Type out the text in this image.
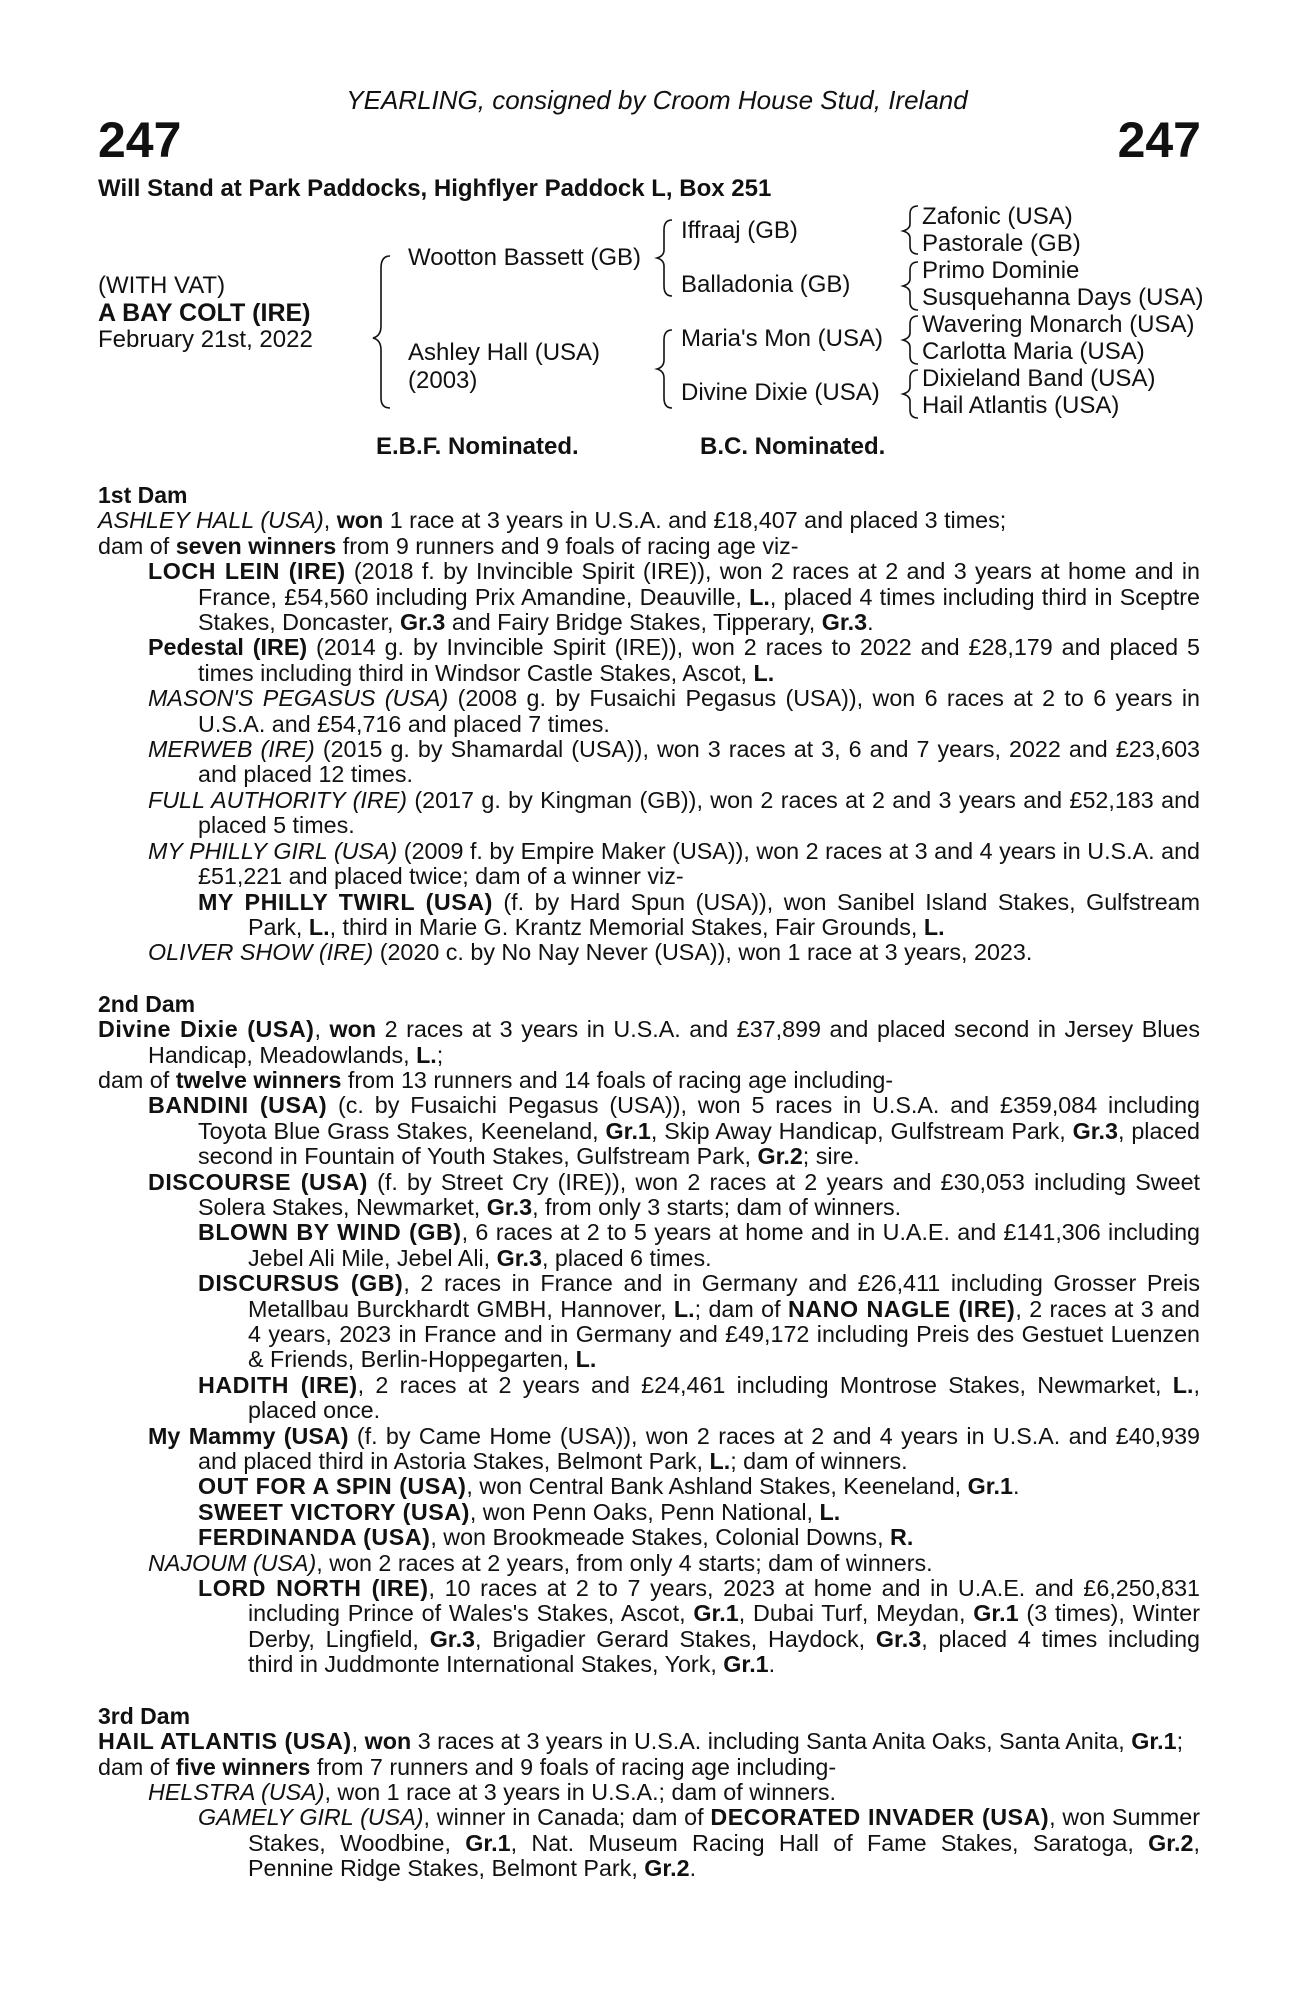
247	247
YEARLING, consigned by Croom House Stud, Ireland
Will Stand at Park Paddocks, Highflyer Paddock L, Box 251
(WITH VAT)
A BAY COLT (IRE)
February 21st, 2022
Wootton Bassett (GB)
Ashley Hall (USA)
(2003)
Iffraaj (GB)
Balladonia (GB)
Maria's Mon (USA)
Divine Dixie (USA)
Zafonic (USA)
Pastorale (GB)
Primo Dominie
Susquehanna Days (USA)
Wavering Monarch (USA)
Carlotta Maria (USA)
Dixieland Band (USA)
Hail Atlantis (USA)
E.B.F. Nominated.	B.C. Nominated.
1st Dam
ASHLEY HALL (USA), won 1 race at 3 years in U.S.A. and £18,407 and placed 3 times;
dam of seven winners from 9 runners and 9 foals of racing age viz-
LOCH LEIN (IRE) (2018 f. by Invincible Spirit (IRE)), won 2 races at 2 and 3 years at home and in France, £54,560 including Prix Amandine, Deauville, L., placed 4 times including third in Sceptre Stakes, Doncaster, Gr.3 and Fairy Bridge Stakes, Tipperary, Gr.3.
Pedestal (IRE) (2014 g. by Invincible Spirit (IRE)), won 2 races to 2022 and £28,179 and placed 5 times including third in Windsor Castle Stakes, Ascot, L.
MASON'S PEGASUS (USA) (2008 g. by Fusaichi Pegasus (USA)), won 6 races at 2 to 6 years in U.S.A. and £54,716 and placed 7 times.
MERWEB (IRE) (2015 g. by Shamardal (USA)), won 3 races at 3, 6 and 7 years, 2022 and £23,603 and placed 12 times.
FULL AUTHORITY (IRE) (2017 g. by Kingman (GB)), won 2 races at 2 and 3 years and £52,183 and placed 5 times.
MY PHILLY GIRL (USA) (2009 f. by Empire Maker (USA)), won 2 races at 3 and 4 years in U.S.A. and £51,221 and placed twice; dam of a winner viz-
MY PHILLY TWIRL (USA) (f. by Hard Spun (USA)), won Sanibel Island Stakes, Gulfstream Park, L., third in Marie G. Krantz Memorial Stakes, Fair Grounds, L.
OLIVER SHOW (IRE) (2020 c. by No Nay Never (USA)), won 1 race at 3 years, 2023.
2nd Dam
Divine Dixie (USA), won 2 races at 3 years in U.S.A. and £37,899 and placed second in Jersey Blues Handicap, Meadowlands, L.;
dam of twelve winners from 13 runners and 14 foals of racing age including-
BANDINI (USA) (c. by Fusaichi Pegasus (USA)), won 5 races in U.S.A. and £359,084 including Toyota Blue Grass Stakes, Keeneland, Gr.1, Skip Away Handicap, Gulfstream Park, Gr.3, placed second in Fountain of Youth Stakes, Gulfstream Park, Gr.2; sire.
DISCOURSE (USA) (f. by Street Cry (IRE)), won 2 races at 2 years and £30,053 including Sweet Solera Stakes, Newmarket, Gr.3, from only 3 starts; dam of winners.
BLOWN BY WIND (GB), 6 races at 2 to 5 years at home and in U.A.E. and £141,306 including Jebel Ali Mile, Jebel Ali, Gr.3, placed 6 times.
DISCURSUS (GB), 2 races in France and in Germany and £26,411 including Grosser Preis Metallbau Burckhardt GMBH, Hannover, L.; dam of NANO NAGLE (IRE), 2 races at 3 and 4 years, 2023 in France and in Germany and £49,172 including Preis des Gestuet Luenzen & Friends, Berlin-Hoppegarten, L.
HADITH (IRE), 2 races at 2 years and £24,461 including Montrose Stakes, Newmarket, L., placed once.
My Mammy (USA) (f. by Came Home (USA)), won 2 races at 2 and 4 years in U.S.A. and £40,939 and placed third in Astoria Stakes, Belmont Park, L.; dam of winners.
OUT FOR A SPIN (USA), won Central Bank Ashland Stakes, Keeneland, Gr.1.
SWEET VICTORY (USA), won Penn Oaks, Penn National, L.
FERDINANDA (USA), won Brookmeade Stakes, Colonial Downs, R.
NAJOUM (USA), won 2 races at 2 years, from only 4 starts; dam of winners.
LORD NORTH (IRE), 10 races at 2 to 7 years, 2023 at home and in U.A.E. and £6,250,831 including Prince of Wales's Stakes, Ascot, Gr.1, Dubai Turf, Meydan, Gr.1 (3 times), Winter Derby, Lingfield, Gr.3, Brigadier Gerard Stakes, Haydock, Gr.3, placed 4 times including third in Juddmonte International Stakes, York, Gr.1.
3rd Dam
HAIL ATLANTIS (USA), won 3 races at 3 years in U.S.A. including Santa Anita Oaks, Santa Anita, Gr.1;
dam of five winners from 7 runners and 9 foals of racing age including-
HELSTRA (USA), won 1 race at 3 years in U.S.A.; dam of winners.
GAMELY GIRL (USA), winner in Canada; dam of DECORATED INVADER (USA), won Summer Stakes, Woodbine, Gr.1, Nat. Museum Racing Hall of Fame Stakes, Saratoga, Gr.2, Pennine Ridge Stakes, Belmont Park, Gr.2.
